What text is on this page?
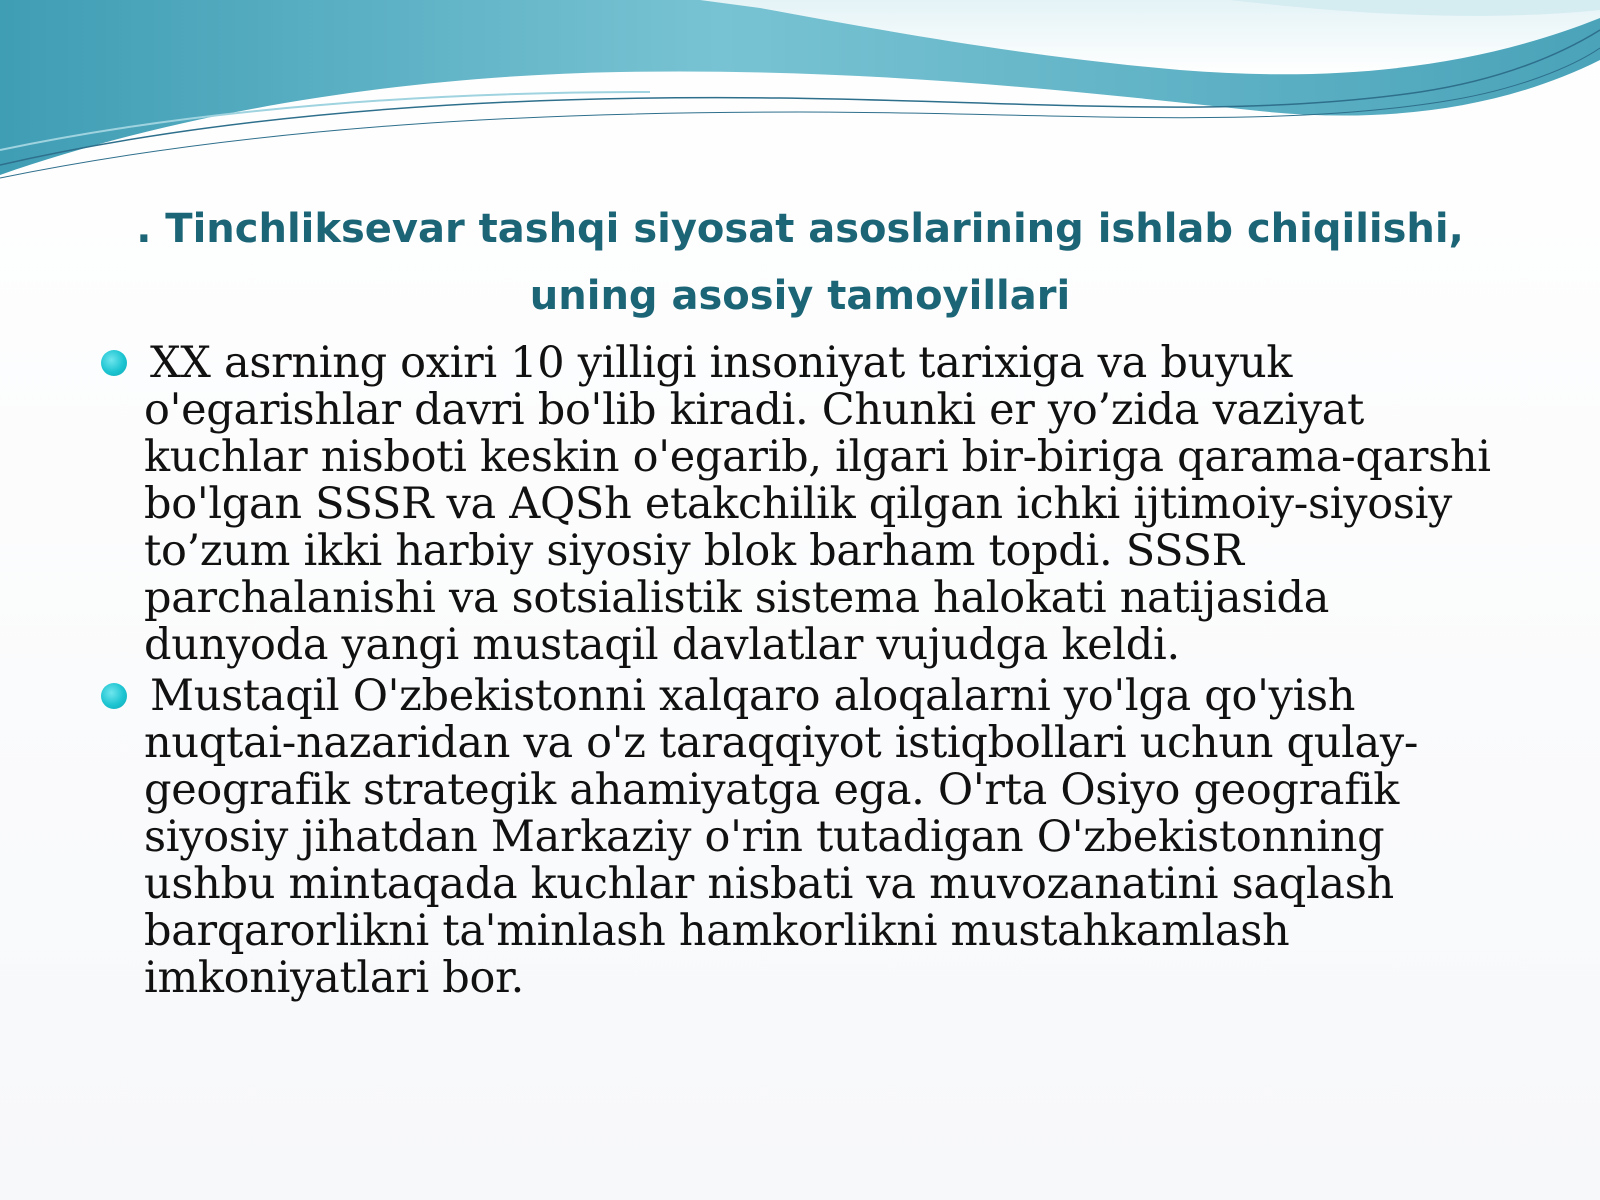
. Tinchliksevar tashqi siyosat asoslarining ishlab chiqilishi, uning asosiy tamoyillari
XX asrning oxiri 10 yilligi insoniyat tarixiga va buyuk o'egarishlar davri bo'lib kiradi. Chunki er yo’zida vaziyat kuchlar nisboti keskin o'egarib, ilgari bir-biriga qarama-qarshi bo'lgan SSSR va AQSh etakchilik qilgan ichki ijtimoiy-siyosiy to’zum ikki harbiy siyosiy blok barham topdi. SSSR parchalanishi va sotsialistik sistema halokati natijasida dunyoda yangi mustaqil davlatlar vujudga keldi.
Mustaqil O'zbekistonni xalqaro aloqalarni yo'lga qo'yish nuqtai-nazaridan va o'z taraqqiyot istiqbollari uchun qulay-geografik strategik ahamiyatga ega. O'rta Osiyo geografik siyosiy jihatdan Markaziy o'rin tutadigan O'zbekistonning ushbu mintaqada kuchlar nisbati va muvozanatini saqlash barqarorlikni ta'minlash hamkorlikni mustahkamlash imkoniyatlari bor.
